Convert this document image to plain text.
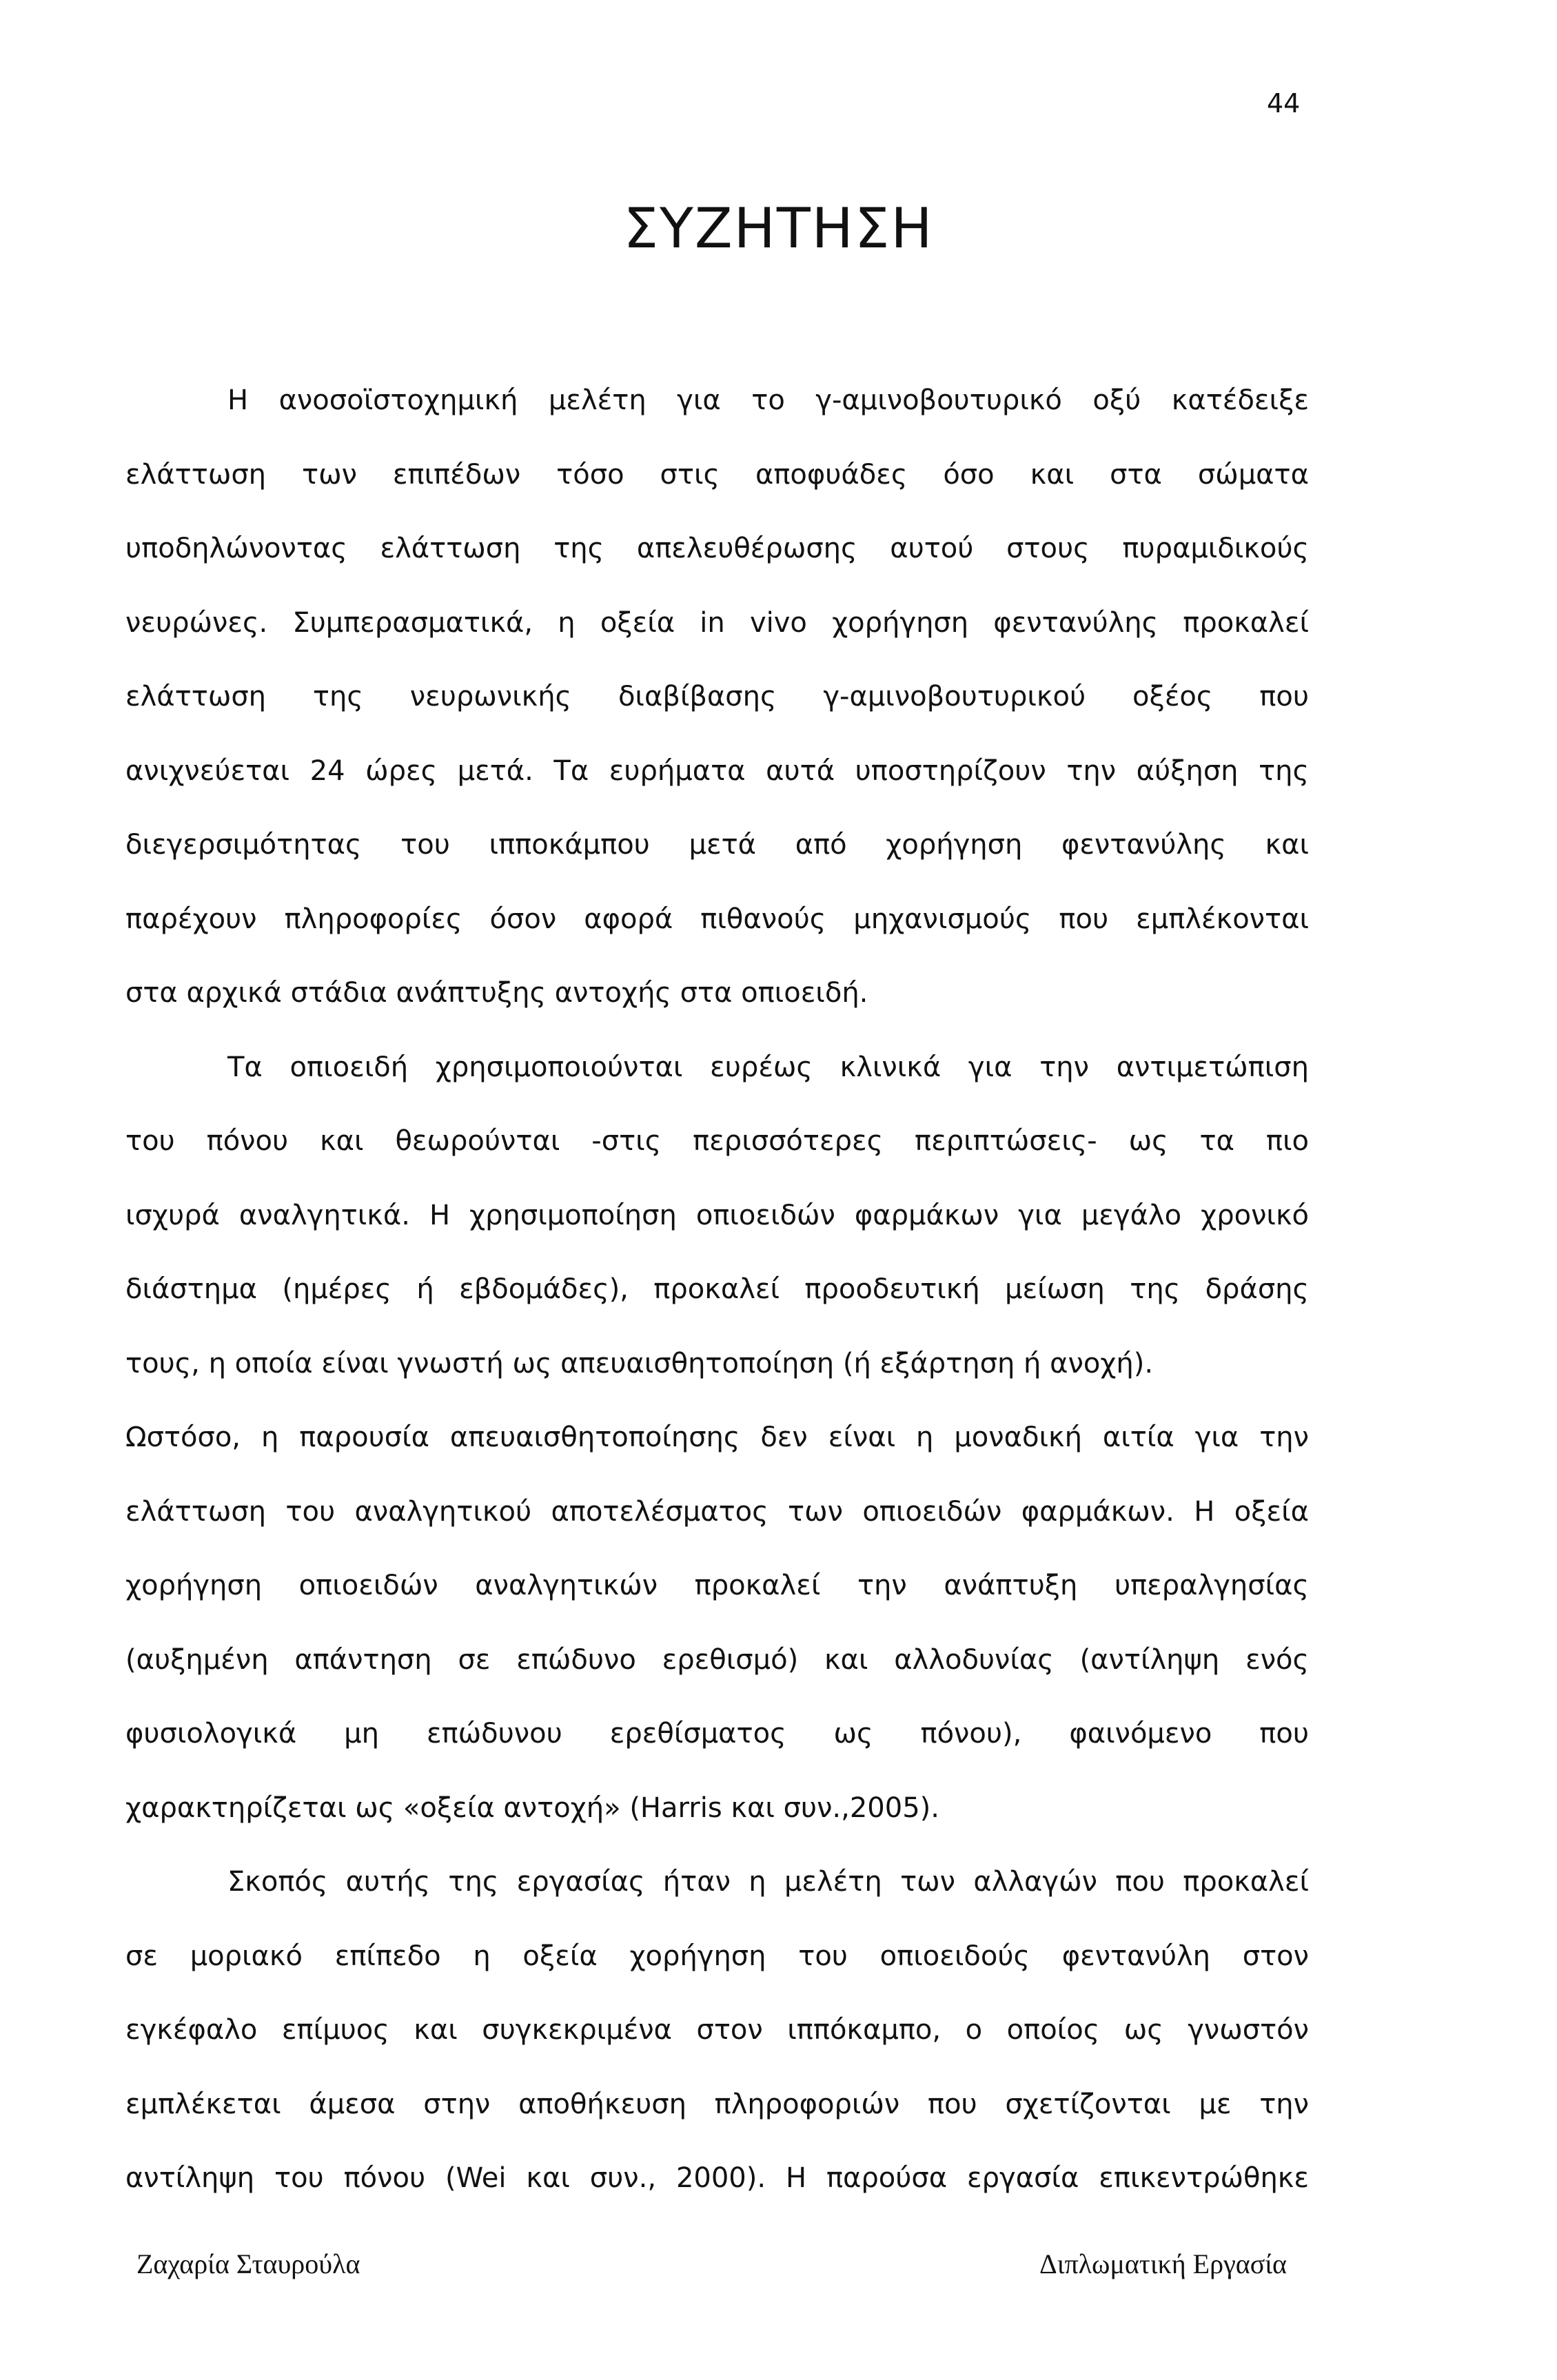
44
ΣΥΖΗΤΗΣΗ
Η ανοσοϊστοχημική μελέτη για το γ-αμινοβουτυρικό οξύ κατέδειξε
ελάττωση των επιπέδων τόσο στις αποφυάδες όσο και στα σώματα
υποδηλώνοντας ελάττωση της απελευθέρωσης αυτού στους πυραμιδικούς
νευρώνες. Συμπερασματικά, η οξεία in vivo χορήγηση φεντανύλης προκαλεί
ελάττωση της νευρωνικής διαβίβασης γ-αμινοβουτυρικού οξέος που
ανιχνεύεται 24 ώρες μετά. Τα ευρήματα αυτά υποστηρίζουν την αύξηση της
διεγερσιμότητας του ιπποκάμπου μετά από χορήγηση φεντανύλης και
παρέχουν πληροφορίες όσον αφορά πιθανούς μηχανισμούς που εμπλέκονται
στα αρχικά στάδια ανάπτυξης αντοχής στα οπιοειδή.
Τα οπιοειδή χρησιμοποιούνται ευρέως κλινικά για την αντιμετώπιση
του πόνου και θεωρούνται -στις περισσότερες περιπτώσεις- ως τα πιο
ισχυρά αναλγητικά. Η χρησιμοποίηση οπιοειδών φαρμάκων για μεγάλο χρονικό
διάστημα (ημέρες ή εβδομάδες), προκαλεί προοδευτική μείωση της δράσης
τους, η οποία είναι γνωστή ως απευαισθητοποίηση (ή εξάρτηση ή ανοχή).
Ωστόσο, η παρουσία απευαισθητοποίησης δεν είναι η μοναδική αιτία για την
ελάττωση του αναλγητικού αποτελέσματος των οπιοειδών φαρμάκων. Η οξεία
χορήγηση οπιοειδών αναλγητικών προκαλεί την ανάπτυξη υπεραλγησίας
(αυξημένη απάντηση σε επώδυνο ερεθισμό) και αλλοδυνίας (αντίληψη ενός
φυσιολογικά μη επώδυνου ερεθίσματος ως πόνου), φαινόμενο που
χαρακτηρίζεται ως «οξεία αντοχή» (Harris και συν.,2005).
Σκοπός αυτής της εργασίας ήταν η μελέτη των αλλαγών που προκαλεί
σε μοριακό επίπεδο η οξεία χορήγηση του οπιοειδούς φεντανύλη στον
εγκέφαλο επίμυος και συγκεκριμένα στον ιππόκαμπο, ο οποίος ως γνωστόν
εμπλέκεται άμεσα στην αποθήκευση πληροφοριών που σχετίζονται με την
αντίληψη του πόνου (Wei και συν., 2000). Η παρούσα εργασία επικεντρώθηκε
Ζαχαρία Σταυρούλα	Διπλωματική Εργασία
